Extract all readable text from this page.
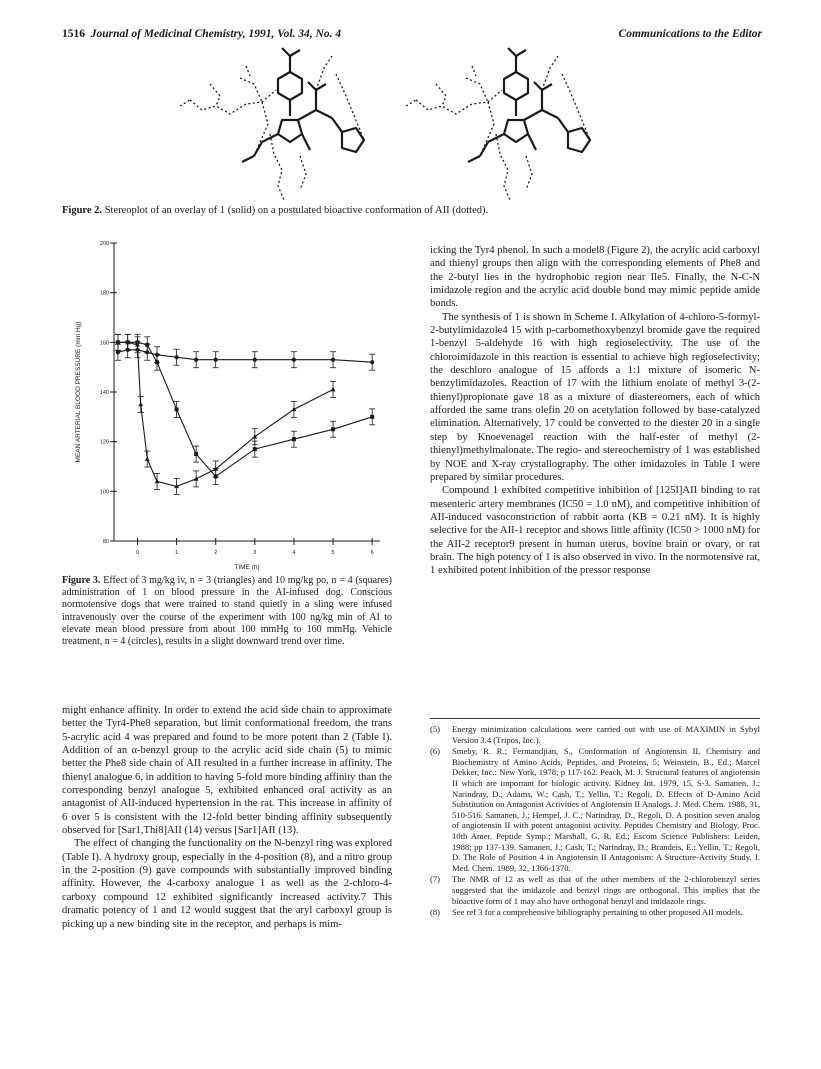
1516 Journal of Medicinal Chemistry, 1991, Vol. 34, No. 4	Communications to the Editor
Figure 2. Stereoplot of an overlay of 1 (solid) on a postulated bioactive conformation of AII (dotted).
80
100
120
140
160
180
200
0	1	2	3	4	5	6
TIME (h)
MEAN ARTERIAL BLOOD PRESSURE (mm Hg)
Figure 3. Effect of 3 mg/kg iv, n = 3 (triangles) and 10 mg/kg po, n = 4 (squares) administration of 1 on blood pressure in the AI-infused dog. Conscious normotensive dogs that were trained to stand quietly in a sling were infused intravenously over the course of the experiment with 100 ng/kg min of AI to elevate mean blood pressure from about 100 mmHg to 160 mmHg. Vehicle treatment, n = 4 (circles), results in a slight downward trend over time.

icking the Tyr4 phenol. In such a model8 (Figure 2), the acrylic acid carboxyl and thienyl groups then align with the corresponding elements of Phe8 and the 2-butyl lies in the hydrophobic region near Ile5. Finally, the N-C-N imidazole region and the acrylic acid double bond may mimic peptide amide bonds.

The synthesis of 1 is shown in Scheme I. Alkylation of 4-chloro-5-formyl-2-butylimidazole4 15 with p-carbomethoxybenzyl bromide gave the required 1-benzyl 5-aldehyde 16 with high regioselectivity. The use of the chloroimidazole in this reaction is essential to achieve high regioselectivity; the deschloro analogue of 15 affords a 1:1 mixture of isomeric N-benzylimidazoles. Reaction of 17 with the lithium enolate of methyl 3-(2-thienyl)propionate gave 18 as a mixture of diastereomers, each of which afforded the same trans olefin 20 on acetylation followed by base-catalyzed elimination. Alternatively, 17 could be converted to the diester 20 in a single step by Knoevenagel reaction with the half-ester of methyl (2-thienyl)methylmalonate. The regio- and stereochemistry of 1 was established by NOE and X-ray crystallography. The other imidazoles in Table I were prepared by similar procedures.

Compound 1 exhibited competitive inhibition of [125I]AII binding to rat mesenteric artery membranes (IC50 = 1.0 nM), and competitive inhibition of AII-induced vasoconstriction of rabbit aorta (KB = 0.21 nM). It is highly selective for the AII-1 receptor and shows little affinity (IC50 > 1000 nM) for the AII-2 receptor9 present in human uterus, bovine brain or ovary, or rat brain. The high potency of 1 is also observed in vivo. In the normotensive rat, 1 exhibited potent inhibition of the pressor response

might enhance affinity. In order to extend the acid side chain to approximate better the Tyr4-Phe8 separation, but limit conformational freedom, the trans 5-acrylic acid 4 was prepared and found to be more potent than 2 (Table I). Addition of an α-benzyl group to the acrylic acid side chain (5) to mimic better the Phe8 side chain of AII resulted in a further increase in affinity. The thienyl analogue 6, in addition to having 5-fold more binding affinity than the corresponding benzyl analogue 5, exhibited enhanced oral activity as an antagonist of AII-induced hypertension in the rat. This increase in affinity of 6 over 5 is consistent with the 12-fold better binding affinity subsequently observed for [Sar1,Thi8]AII (14) versus [Sar1]AII (13).

The effect of changing the functionality on the N-benzyl ring was explored (Table I). A hydroxy group, especially in the 4-position (8), and a nitro group in the 2-position (9) gave compounds with substantially improved binding affinity. However, the 4-carboxy analogue 1 as well as the 2-chloro-4-carboxy compound 12 exhibited significantly increased activity.7 This dramatic potency of 1 and 12 would suggest that the aryl carboxyl group is picking up a new binding site in the receptor, and perhaps is mim-

(5)	Energy minimization calculations were carried out with use of MAXIMIN in Sybyl Version 3.4 (Tripos, Inc.).
(6)	Smeby, R. R.; Fermandjian, S., Conformation of Angiotensin II. Chemistry and Biochemistry of Amino Acids, Peptides, and Proteins, 5; Weinstein, B., Ed.; Marcel Dekker, Inc.: New York, 1978; p 117-162. Peach, M. J. Structural features of angiotensin II which are important for biologic activity. Kidney Int. 1979, 15, S-3. Samanen, J.; Narindray, D.; Adams, W.; Cash, T.; Yellin, T.; Regoli, D. Effects of D-Amino Acid Substitution on Antagonist Activities of Angiotensin II Analogs. J. Med. Chem. 1988, 31, 510-516. Samanen, J.; Hempel, J. C.; Narindray, D., Regoli, D. A position seven analog of angiotensin II with potent antagonist activity. Peptides Chemistry and Biology, Proc. 10th Amer. Peptide Symp.; Marshall, G. R. Ed.; Escom Science Publishers: Leiden, 1988; pp 137-139. Samanen, J.; Cash, T.; Narindray, D.; Brandeis, E.; Yellin, T.; Regoli, D. The Role of Position 4 in Angiotensin II Antagonism: A Structure-Activity Study. J. Med. Chem. 1989, 32, 1366-1370.
(7)	The NMR of 12 as well as that of the other members of the 2-chlorobenzyl series suggested that the imidazole and benzyl rings are orthogonal. This implies that the bioactive form of 1 may also have orthogonal benzyl and imidazole rings.
(8)	See ref 3 for a comprehensive bibliography pertaining to other proposed AII models.
